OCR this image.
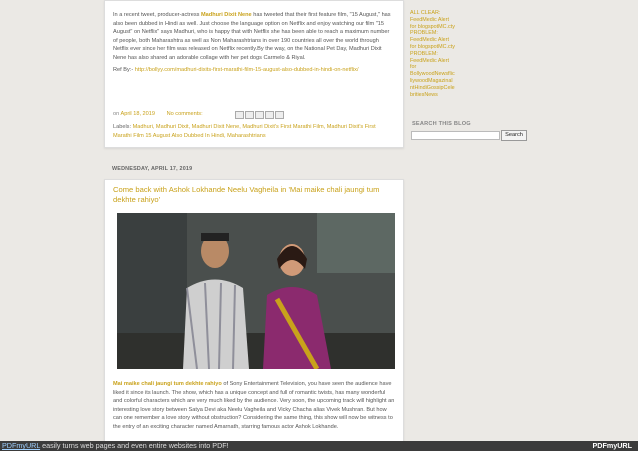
In a recent tweet, producer-actress Madhuri Dixit Nene has tweeted that their first feature film, "15 August," has also been dubbed in Hindi as well. Just choose the language option on Netflix and enjoy watching our film "15 August" on Netflix" says Madhuri, who is happy that with Netflix she has been able to reach a maximum number of people, both Maharashtra as well as Non Maharashtrians in over 190 countries all over the world through Netflix ever since her film was released on Netflix recently.By the way, on the National Pet Day, Madhuri Dixit Nene has also shared an adorable collage with her pet dogs Carmelo & Riyal.

Ref By:- http://bollyy.com/madhuri-dixits-first-marathi-film-15-august-also-dubbed-in-hindi-on-netflix/

on April 18, 2019 No comments:
Labels: Madhuri, Madhuri Dixit, Madhuri Dixit Nene, Madhuri Dixit's First Marathi Film, Madhuri Dixit's First Marathi Film 15 August Also Dubbed In Hindi, Maharashtrians
WEDNESDAY, APRIL 17, 2019

Come back with Ashok Lokhande Neelu Vagheila in 'Mai maike chali jaungi tum dekhte rahiyo'

Mai maike chali jaungi tum dekhte rahiyo of Sony Entertainment Television, you have seen the audience have liked it since its launch. The show, which has a unique concept and full of romantic twists, has many wonderful and colorful characters which are very much liked by the audience. Very soon, the upcoming track will highlight an interesting love story between Satya Devi aka Neelu Vagheila and Vicky Chacha alias Vivek Mushran. But how can one remember a love story without obstruction? Considering the same thing, this show will now be witness to the entry of an exciting character named Amarnath, starring famous actor Ashok Lokhande.

ALL CLEAR:
FeedMedic Alert
for blogspotMC.cty
PROBLEM:
FeedMedic Alert
for blogspotMC.cty
PROBLEM:
FeedMedic Alert
for
BollywoodNewsflic
liywoodMagazinal
ntHindiGossipCele
britiesNews
SEARCH THIS BLOG
Search
PDFmyURL easily turns web pages and even entire websites into PDF!	PDFmyURL
